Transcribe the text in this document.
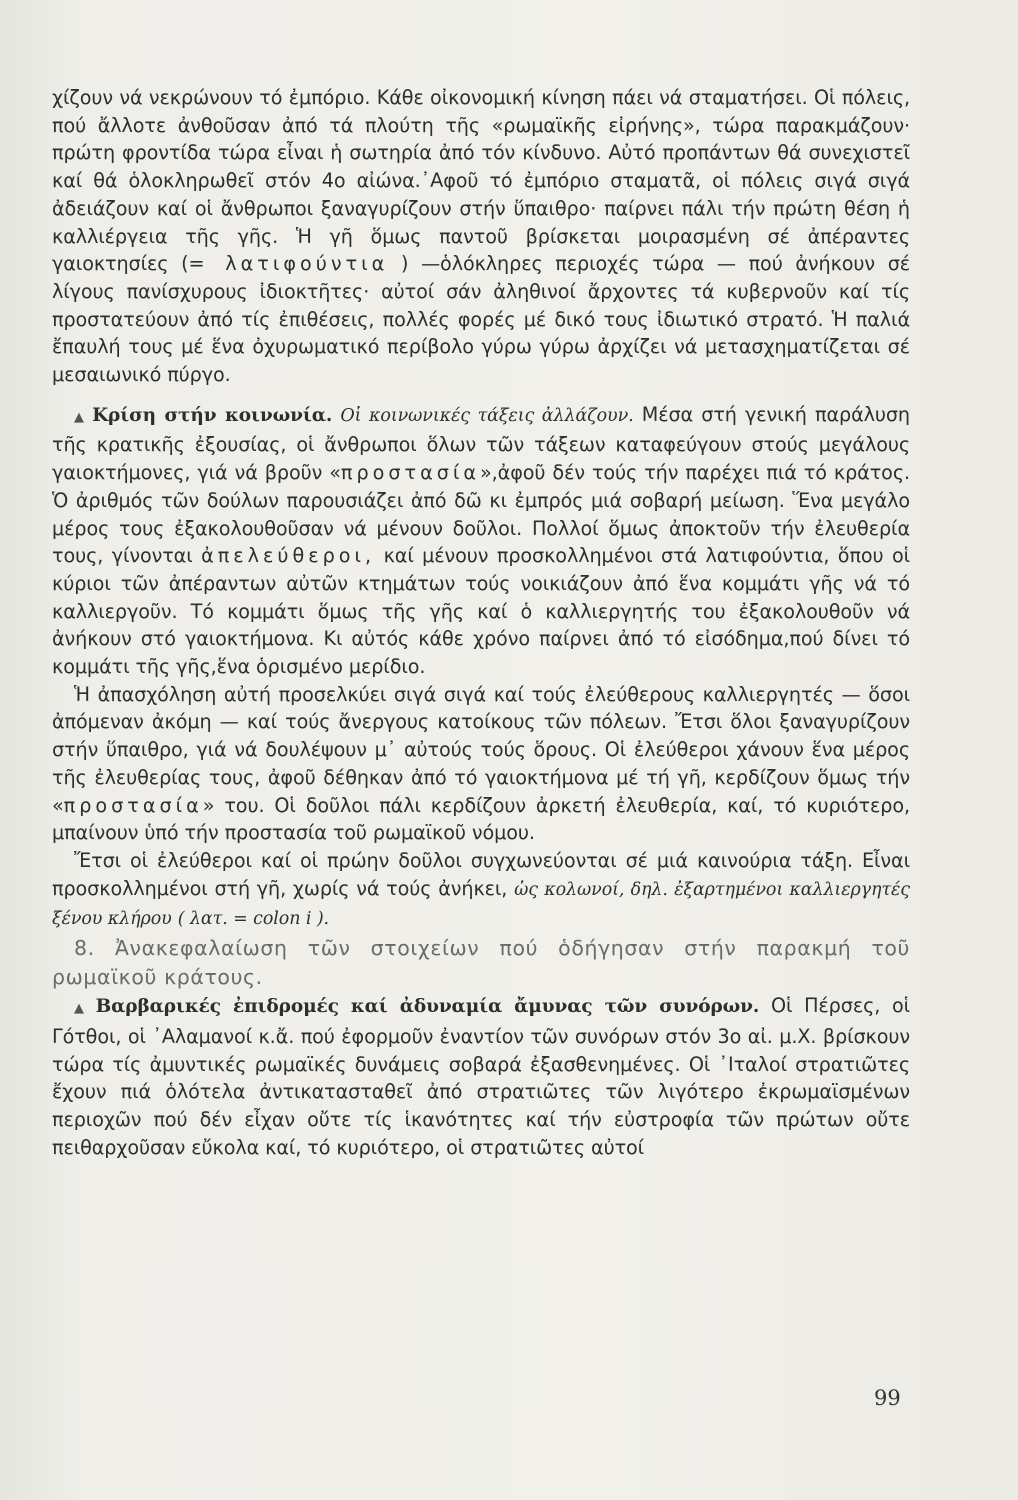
χίζουν νά νεκρώνουν τό ἐμπόριο. Κάθε οἰκονομική κίνηση πάει νά σταματήσει. Οἱ πόλεις, πού ἄλλοτε ἀνθοῦσαν ἀπό τά πλούτη τῆς «ρωμαϊκῆς εἰρήνης», τώρα παρακμάζουν· πρώτη φροντίδα τώρα εἶναι ἡ σωτηρία ἀπό τόν κίνδυνο. Αὐτό προπάντων θά συνεχιστεῖ καί θά ὁλοκληρωθεῖ στόν 4ο αἰώνα.᾽Αφοῦ τό ἐμπόριο σταματᾶ, οἱ πόλεις σιγά σιγά ἀδειάζουν καί οἱ ἄνθρωποι ξαναγυρίζουν στήν ὕπαιθρο· παίρνει πάλι τήν πρώτη θέση ἡ καλλιέργεια τῆς γῆς. Ἡ γῆ ὅμως παντοῦ βρίσκεται μοιρασμένη σέ ἀπέραντες γαιοκτησίες (= λατιφούντια ) —ὁλόκληρες περιοχές τώρα — πού ἀνήκουν σέ λίγους πανίσχυρους ἰδιοκτῆτες· αὐτοί σάν ἀληθινοί ἄρχοντες τά κυβερνοῦν καί τίς προστατεύουν ἀπό τίς ἐπιθέσεις, πολλές φορές μέ δικό τους ἰδιωτικό στρατό. Ἡ παλιά ἔπαυλή τους μέ ἕνα ὀχυρωματικό περίβολο γύρω γύρω ἀρχίζει νά μετασχηματίζεται σέ μεσαιωνικό πύργο.

▲ Κρίση στήν κοινωνία. Οἱ κοινωνικές τάξεις ἀλλάζουν. Μέσα στή γενική παράλυση τῆς κρατικῆς ἐξουσίας, οἱ ἄνθρωποι ὅλων τῶν τάξεων καταφεύγουν στούς μεγάλους γαιοκτήμονες, γιά νά βροῦν «προστασία»,ἀφοῦ δέν τούς τήν παρέχει πιά τό κράτος. Ὁ ἀριθμός τῶν δούλων παρουσιάζει ἀπό δῶ κι ἐμπρός μιά σοβαρή μείωση. Ἕνα μεγάλο μέρος τους ἐξακολουθοῦσαν νά μένουν δοῦλοι. Πολλοί ὅμως ἀποκτοῦν τήν ἐλευθερία τους, γίνονται ἀπελεύθεροι, καί μένουν προσκολλημένοι στά λατιφούντια, ὅπου οἱ κύριοι τῶν ἀπέραντων αὐτῶν κτημάτων τούς νοικιάζουν ἀπό ἕνα κομμάτι γῆς νά τό καλλιεργοῦν. Τό κομμάτι ὅμως τῆς γῆς καί ὁ καλλιεργητής του ἐξακολουθοῦν νά ἀνήκουν στό γαιοκτήμονα. Κι αὐτός κάθε χρόνο παίρνει ἀπό τό εἰσόδημα,πού δίνει τό κομμάτι τῆς γῆς,ἕνα ὁρισμένο μερίδιο.

Ἡ ἀπασχόληση αὐτή προσελκύει σιγά σιγά καί τούς ἐλεύθερους καλλιεργητές — ὅσοι ἀπόμεναν ἀκόμη — καί τούς ἄνεργους κατοίκους τῶν πόλεων. Ἔτσι ὅλοι ξαναγυρίζουν στήν ὕπαιθρο, γιά νά δουλέψουν μ᾽ αὐτούς τούς ὅρους. Οἱ ἐλεύθεροι χάνουν ἕνα μέρος τῆς ἐλευθερίας τους, ἀφοῦ δέθηκαν ἀπό τό γαιοκτήμονα μέ τή γῆ, κερδίζουν ὅμως τήν «προστασία» του. Οἱ δοῦλοι πάλι κερδίζουν ἀρκετή ἐλευθερία, καί, τό κυριότερο, μπαίνουν ὑπό τήν προστασία τοῦ ρωμαϊκοῦ νόμου.

Ἔτσι οἱ ἐλεύθεροι καί οἱ πρώην δοῦλοι συγχωνεύονται σέ μιά καινούρια τάξη. Εἶναι προσκολλημένοι στή γῆ, χωρίς νά τούς ἀνήκει, ὡς κολωνοί, δηλ. ἐξαρτημένοι καλλιεργητές ξένου κλήρου ( λατ. = colon i ).

8. Ἀνακεφαλαίωση τῶν στοιχείων πού ὁδήγησαν στήν παρακμή τοῦ ρωμαϊκοῦ κράτους.

▲ Βαρβαρικές ἐπιδρομές καί ἀδυναμία ἄμυνας τῶν συνόρων. Οἱ Πέρσες, οἱ Γότθοι, οἱ ᾽Αλαμανοί κ.ἄ. πού ἐφορμοῦν ἐναντίον τῶν συνόρων στόν 3ο αἰ. μ.Χ. βρίσκουν τώρα τίς ἀμυντικές ρωμαϊκές δυνάμεις σοβαρά ἐξασθενημένες. Οἱ ᾽Ιταλοί στρατιῶτες ἔχουν πιά ὁλότελα ἀντικατασταθεῖ ἀπό στρατιῶτες τῶν λιγότερο ἐκρωμαϊσμένων περιοχῶν πού δέν εἶχαν οὔτε τίς ἱκανότητες καί τήν εὐστροφία τῶν πρώτων οὔτε πειθαρχοῦσαν εὔκολα καί, τό κυριότερο, οἱ στρατιῶτες αὐτοί

99
